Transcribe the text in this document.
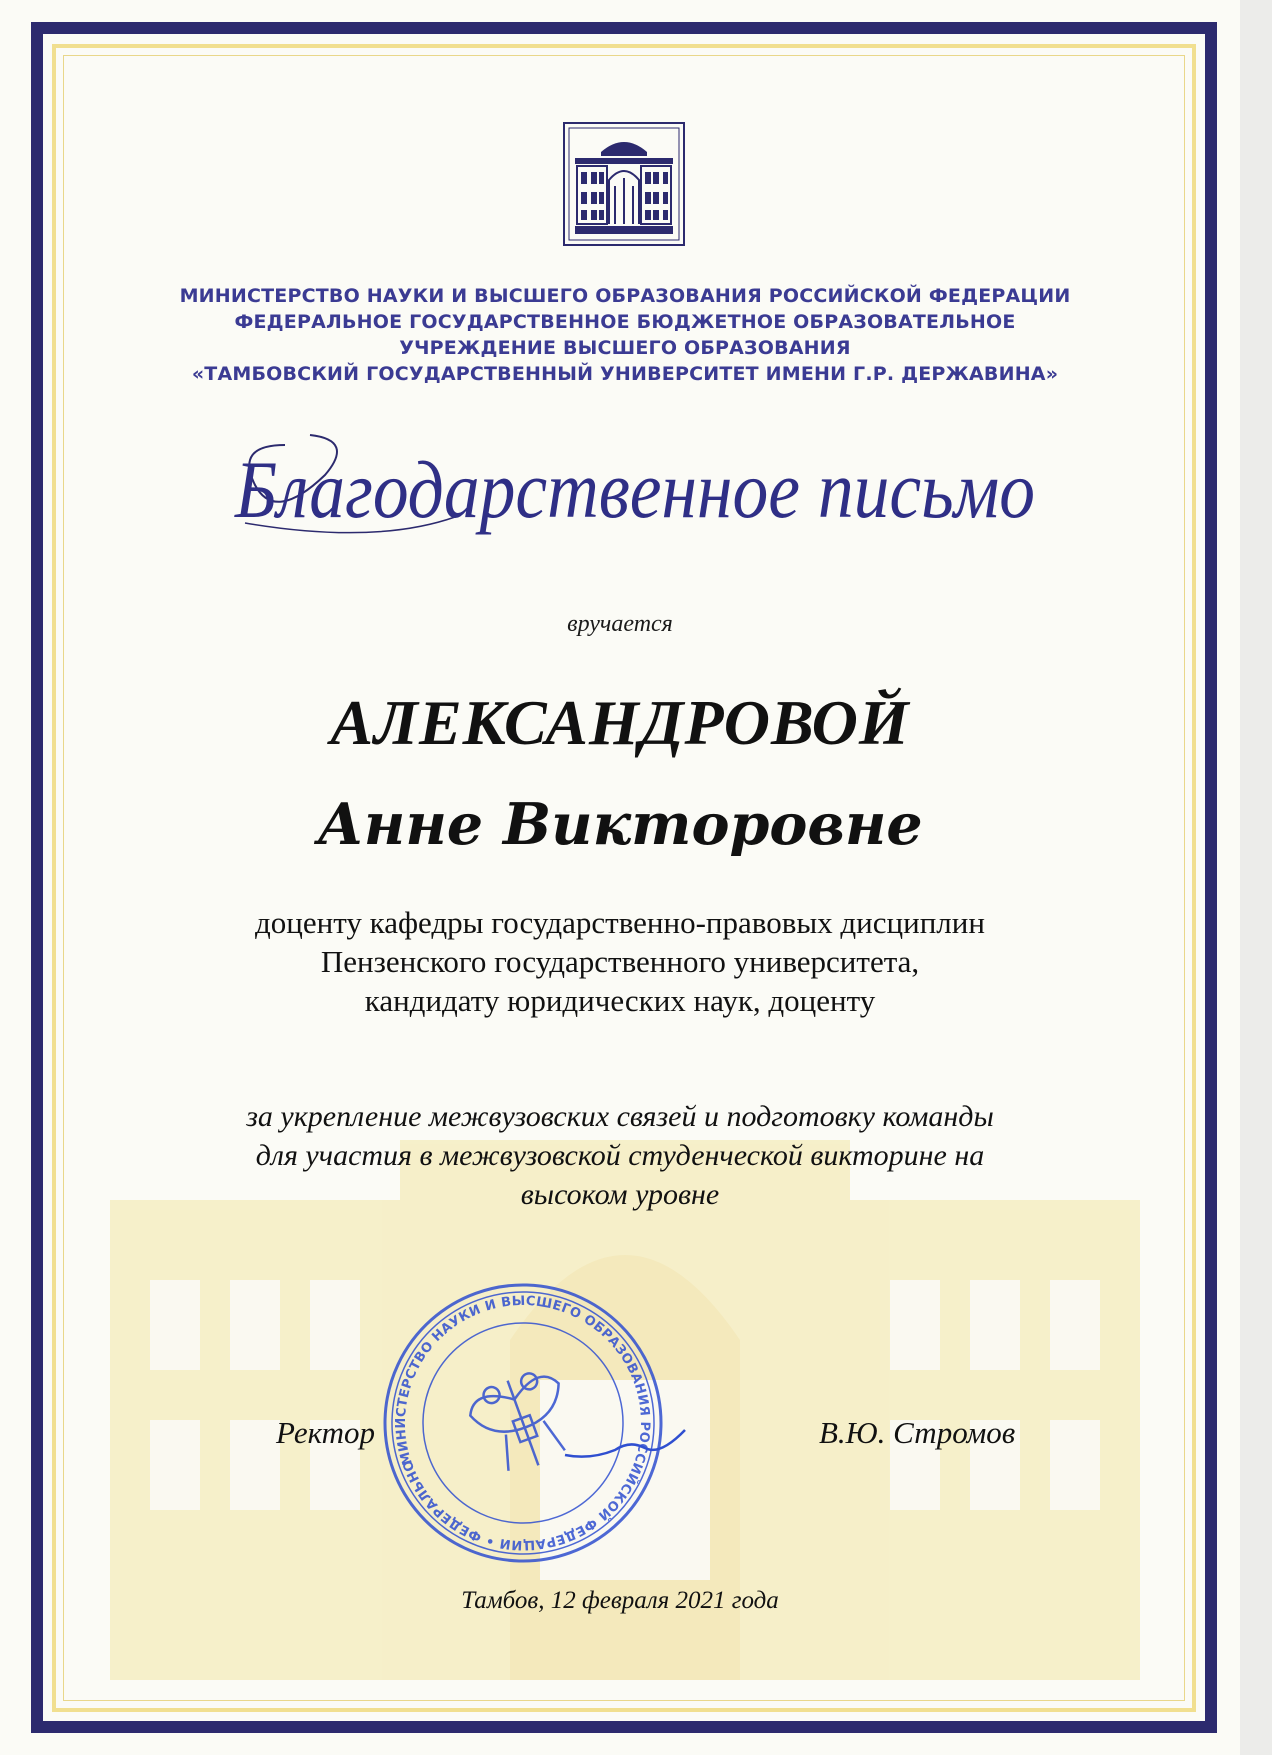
МИНИСТЕРСТВО НАУКИ И ВЫСШЕГО ОБРАЗОВАНИЯ РОССИЙСКОЙ ФЕДЕРАЦИИ
ФЕДЕРАЛЬНОЕ ГОСУДАРСТВЕННОЕ БЮДЖЕТНОЕ ОБРАЗОВАТЕЛЬНОЕ
УЧРЕЖДЕНИЕ ВЫСШЕГО ОБРАЗОВАНИЯ
«ТАМБОВСКИЙ ГОСУДАРСТВЕННЫЙ УНИВЕРСИТЕТ ИМЕНИ Г.Р. ДЕРЖАВИНА»
Благодарственное письмо
вручается
АЛЕКСАНДРОВОЙ
Анне Викторовне
доценту кафедры государственно-правовых дисциплин
Пензенского государственного университета,
кандидату юридических наук, доценту
за укрепление межвузовских связей и подготовку команды
для участия в межвузовской студенческой викторине на
высоком уровне
МИНИСТЕРСТВО НАУКИ И ВЫСШЕГО ОБРАЗОВАНИЯ РОССИЙСКОЙ ФЕДЕРАЦИИ • ФЕДЕРАЛЬНОЕ
Ректор	В.Ю. Стромов
Тамбов, 12 февраля 2021 года
